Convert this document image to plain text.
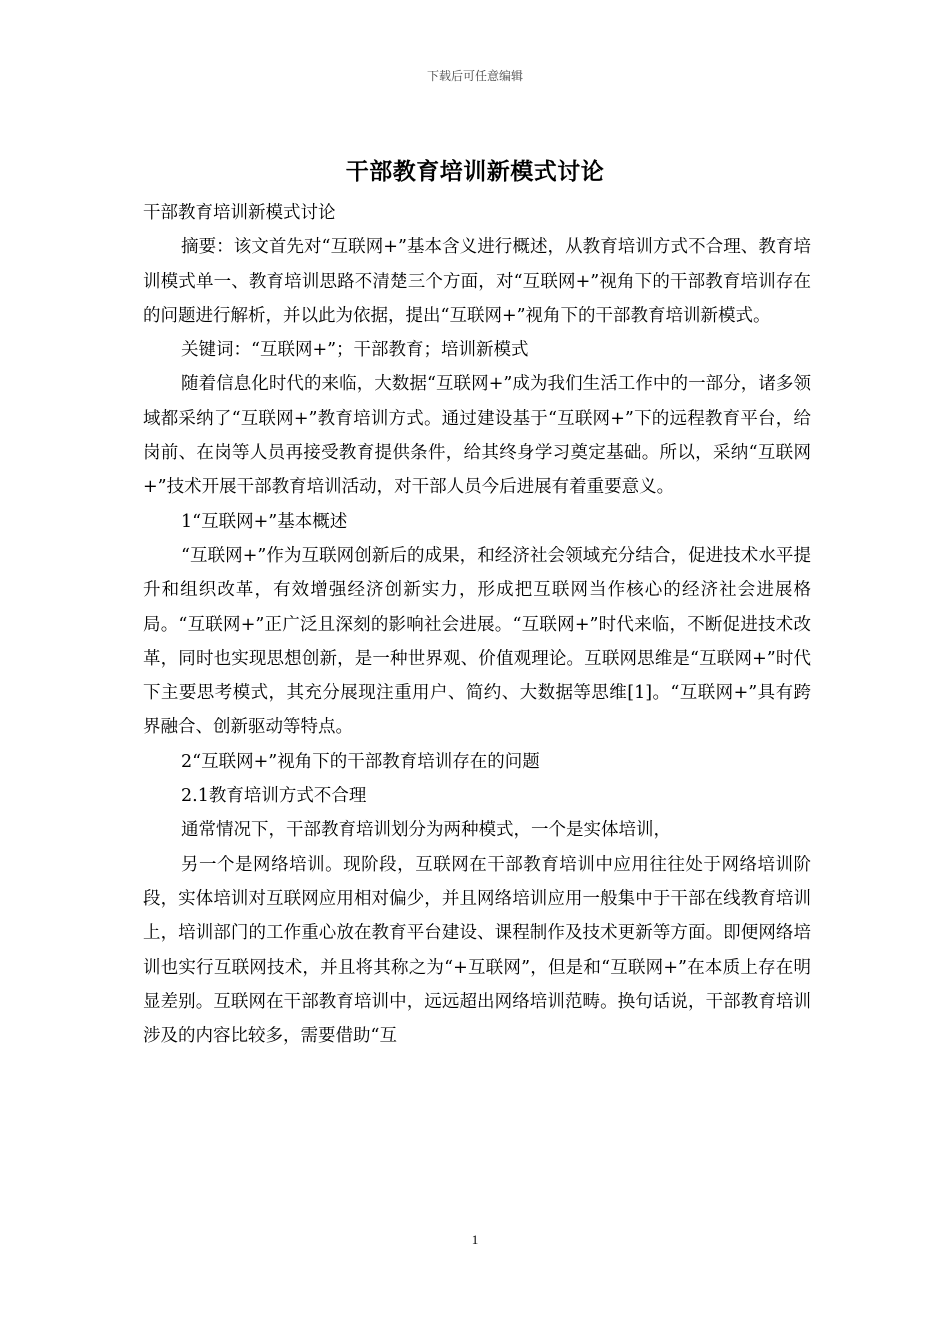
下载后可任意编辑
干部教育培训新模式讨论

干部教育培训新模式讨论

摘要：该文首先对“互联网+”基本含义进行概述，从教育培训方式不合理、教育培训模式单一、教育培训思路不清楚三个方面，对“互联网+”视角下的干部教育培训存在的问题进行解析，并以此为依据，提出“互联网+”视角下的干部教育培训新模式。

关键词：“互联网+”；干部教育；培训新模式

随着信息化时代的来临，大数据“互联网+”成为我们生活工作中的一部分，诸多领域都采纳了“互联网+”教育培训方式。通过建设基于“互联网+”下的远程教育平台，给岗前、在岗等人员再接受教育提供条件，给其终身学习奠定基础。所以，采纳“互联网+”技术开展干部教育培训活动，对干部人员今后进展有着重要意义。

1“互联网+”基本概述

“互联网+”作为互联网创新后的成果，和经济社会领域充分结合，促进技术水平提升和组织改革，有效增强经济创新实力，形成把互联网当作核心的经济社会进展格局。“互联网+”正广泛且深刻的影响社会进展。“互联网+”时代来临，不断促进技术改革，同时也实现思想创新，是一种世界观、价值观理论。互联网思维是“互联网+”时代下主要思考模式，其充分展现注重用户、简约、大数据等思维[1]。“互联网+”具有跨界融合、创新驱动等特点。

2“互联网+”视角下的干部教育培训存在的问题

2.1教育培训方式不合理

通常情况下，干部教育培训划分为两种模式，一个是实体培训，

另一个是网络培训。现阶段，互联网在干部教育培训中应用往往处于网络培训阶段，实体培训对互联网应用相对偏少，并且网络培训应用一般集中于干部在线教育培训上，培训部门的工作重心放在教育平台建设、课程制作及技术更新等方面。即便网络培训也实行互联网技术，并且将其称之为“+互联网”，但是和“互联网+”在本质上存在明显差别。互联网在干部教育培训中，远远超出网络培训范畴。换句话说，干部教育培训涉及的内容比较多，需要借助“互

1
